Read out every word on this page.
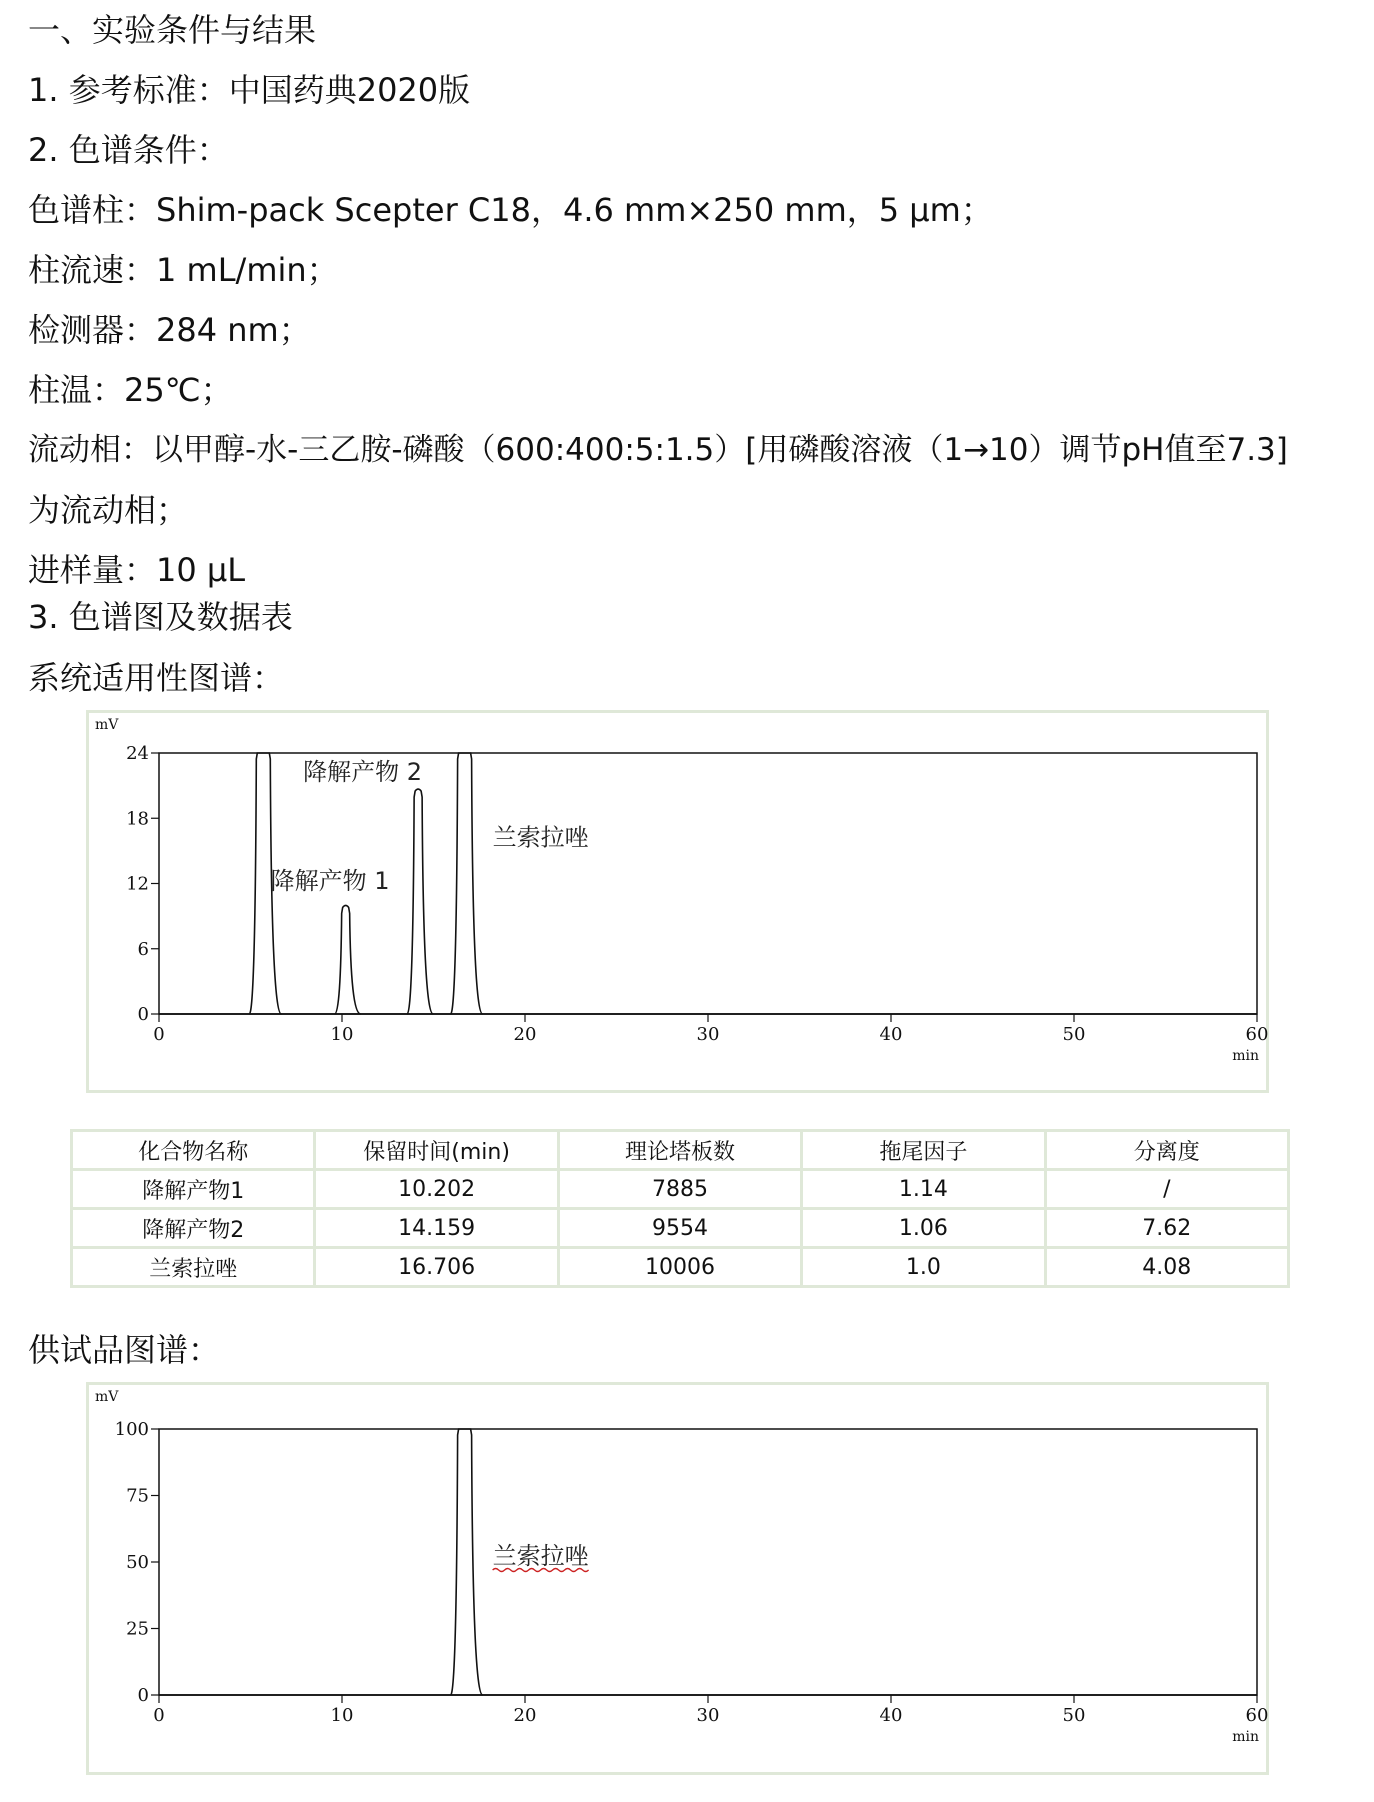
一、实验条件与结果
1. 参考标准：中国药典2020版
2. 色谱条件：
色谱柱：Shim-pack Scepter C18，4.6 mm×250 mm，5 μm；
柱流速：1 mL/min；
检测器：284 nm；
柱温：25℃；
流动相：以甲醇-水-三乙胺-磷酸（600:400:5:1.5）[用磷酸溶液（1→10）调节pH值至7.3]
为流动相；
进样量：10 μL
3. 色谱图及数据表
系统适用性图谱：
0
6
12
18
24
0	10	20	30	40	50	60
mV
min
降解产物 1
降解产物 2
兰索拉唑
化合物名称	保留时间(min)	理论塔板数	拖尾因子	分离度
降解产物1	10.202	7885	1.14	/
降解产物2	14.159	9554	1.06	7.62
兰索拉唑	16.706	10006	1.0	4.08
供试品图谱：
0
25
50
75
100
0	10	20	30	40	50	60
mV
min
兰索拉唑
